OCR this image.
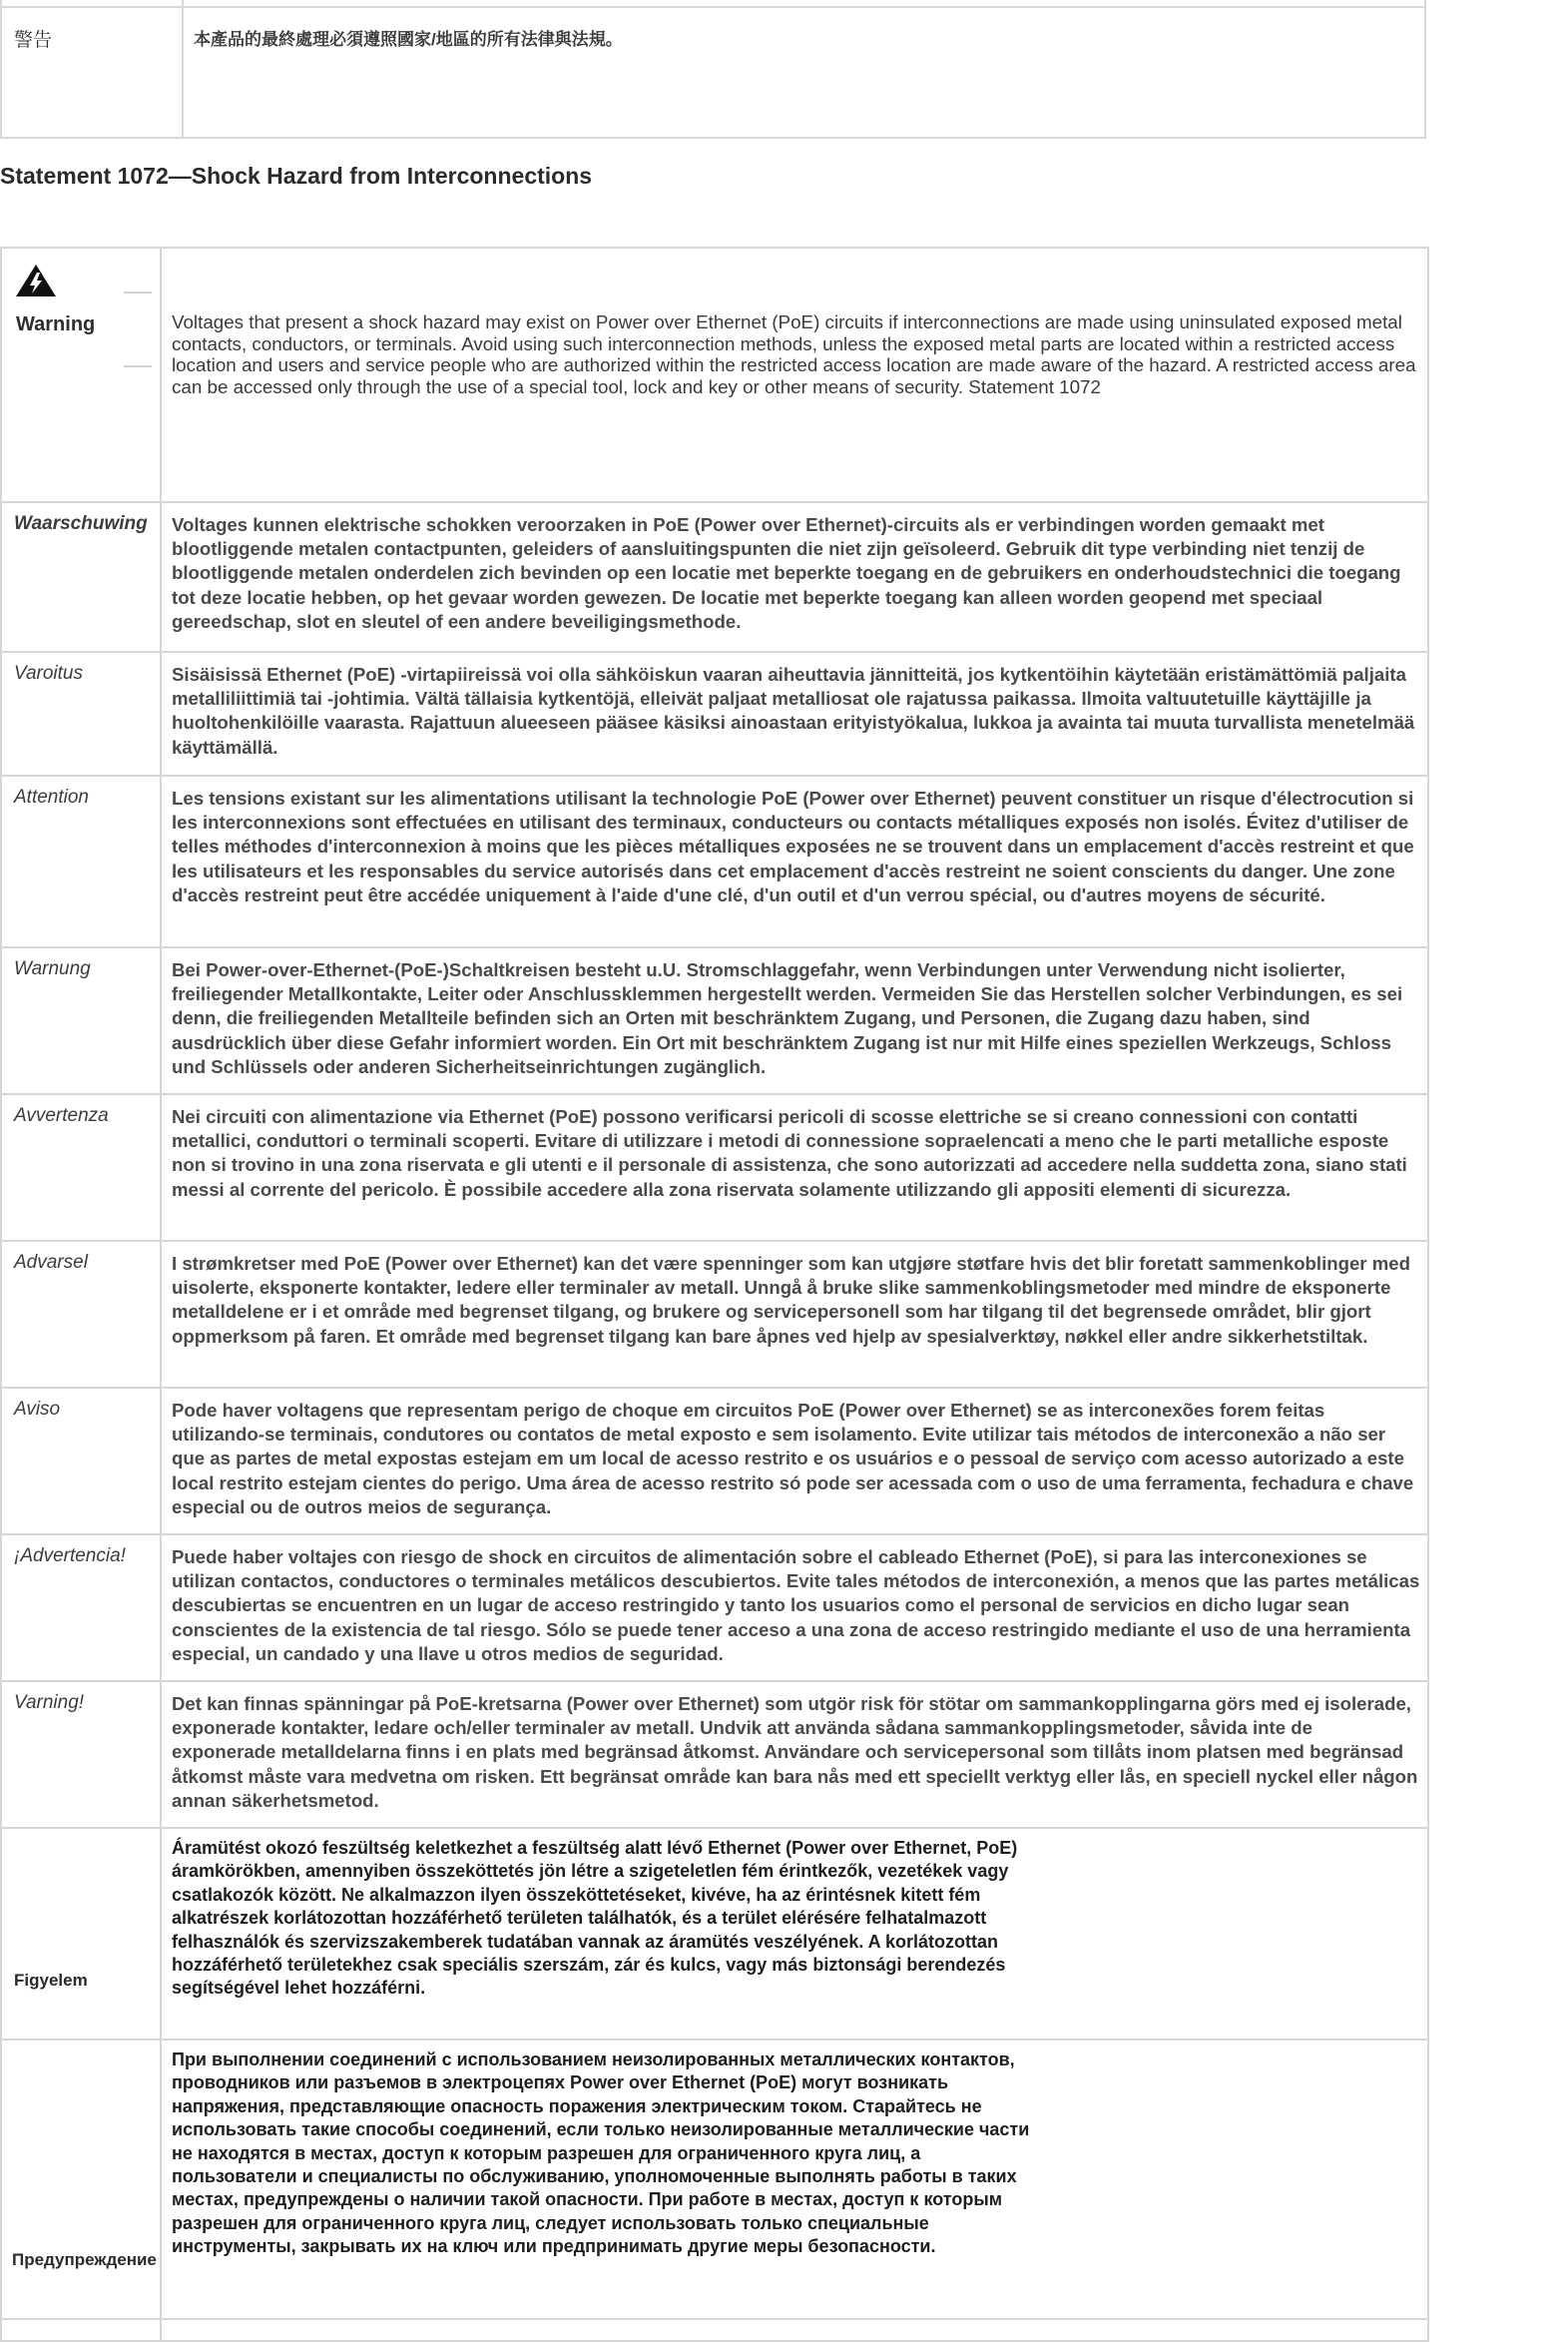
警告	本產品的最終處理必須遵照國家/地區的所有法律與法規。
Statement 1072—Shock Hazard from Interconnections
Warning	Voltages that present a shock hazard may exist on Power over Ethernet (PoE) circuits if interconnections are made using uninsulated exposed metal contacts, conductors, or terminals. Avoid using such interconnection methods, unless the exposed metal parts are located within a restricted access location and users and service people who are authorized within the restricted access location are made aware of the hazard. A restricted access area can be accessed only through the use of a special tool, lock and key or other means of security. Statement 1072
Waarschuwing	Voltages kunnen elektrische schokken veroorzaken in PoE (Power over Ethernet)-circuits als er verbindingen worden gemaakt met blootliggende metalen contactpunten, geleiders of aansluitingspunten die niet zijn geïsoleerd. Gebruik dit type verbinding niet tenzij de blootliggende metalen onderdelen zich bevinden op een locatie met beperkte toegang en de gebruikers en onderhoudstechnici die toegang tot deze locatie hebben, op het gevaar worden gewezen. De locatie met beperkte toegang kan alleen worden geopend met speciaal gereedschap, slot en sleutel of een andere beveiligingsmethode.
Varoitus	Sisäisissä Ethernet (PoE) -virtapiireissä voi olla sähköiskun vaaran aiheuttavia jännitteitä, jos kytkentöihin käytetään eristämättömiä paljaita metalliliittimiä tai -johtimia. Vältä tällaisia kytkentöjä, elleivät paljaat metalliosat ole rajatussa paikassa. Ilmoita valtuutetuille käyttäjille ja huoltohenkilöille vaarasta. Rajattuun alueeseen pääsee käsiksi ainoastaan erityistyökalua, lukkoa ja avainta tai muuta turvallista menetelmää käyttämällä.
Attention	Les tensions existant sur les alimentations utilisant la technologie PoE (Power over Ethernet) peuvent constituer un risque d'électrocution si les interconnexions sont effectuées en utilisant des terminaux, conducteurs ou contacts métalliques exposés non isolés. Évitez d'utiliser de telles méthodes d'interconnexion à moins que les pièces métalliques exposées ne se trouvent dans un emplacement d'accès restreint et que les utilisateurs et les responsables du service autorisés dans cet emplacement d'accès restreint ne soient conscients du danger. Une zone d'accès restreint peut être accédée uniquement à l'aide d'une clé, d'un outil et d'un verrou spécial, ou d'autres moyens de sécurité.
Warnung	Bei Power-over-Ethernet-(PoE-)Schaltkreisen besteht u.U. Stromschlaggefahr, wenn Verbindungen unter Verwendung nicht isolierter, freiliegender Metallkontakte, Leiter oder Anschlussklemmen hergestellt werden. Vermeiden Sie das Herstellen solcher Verbindungen, es sei denn, die freiliegenden Metallteile befinden sich an Orten mit beschränktem Zugang, und Personen, die Zugang dazu haben, sind ausdrücklich über diese Gefahr informiert worden. Ein Ort mit beschränktem Zugang ist nur mit Hilfe eines speziellen Werkzeugs, Schloss und Schlüssels oder anderen Sicherheitseinrichtungen zugänglich.
Avvertenza	Nei circuiti con alimentazione via Ethernet (PoE) possono verificarsi pericoli di scosse elettriche se si creano connessioni con contatti metallici, conduttori o terminali scoperti. Evitare di utilizzare i metodi di connessione sopraelencati a meno che le parti metalliche esposte non si trovino in una zona riservata e gli utenti e il personale di assistenza, che sono autorizzati ad accedere nella suddetta zona, siano stati messi al corrente del pericolo. È possibile accedere alla zona riservata solamente utilizzando gli appositi elementi di sicurezza.
Advarsel	I strømkretser med PoE (Power over Ethernet) kan det være spenninger som kan utgjøre støtfare hvis det blir foretatt sammenkoblinger med uisolerte, eksponerte kontakter, ledere eller terminaler av metall. Unngå å bruke slike sammenkoblingsmetoder med mindre de eksponerte metalldelene er i et område med begrenset tilgang, og brukere og servicepersonell som har tilgang til det begrensede området, blir gjort oppmerksom på faren. Et område med begrenset tilgang kan bare åpnes ved hjelp av spesialverktøy, nøkkel eller andre sikkerhetstiltak.
Aviso	Pode haver voltagens que representam perigo de choque em circuitos PoE (Power over Ethernet) se as interconexões forem feitas utilizando-se terminais, condutores ou contatos de metal exposto e sem isolamento. Evite utilizar tais métodos de interconexão a não ser que as partes de metal expostas estejam em um local de acesso restrito e os usuários e o pessoal de serviço com acesso autorizado a este local restrito estejam cientes do perigo. Uma área de acesso restrito só pode ser acessada com o uso de uma ferramenta, fechadura e chave especial ou de outros meios de segurança.
¡Advertencia!	Puede haber voltajes con riesgo de shock en circuitos de alimentación sobre el cableado Ethernet (PoE), si para las interconexiones se utilizan contactos, conductores o terminales metálicos descubiertos. Evite tales métodos de interconexión, a menos que las partes metálicas descubiertas se encuentren en un lugar de acceso restringido y tanto los usuarios como el personal de servicios en dicho lugar sean conscientes de la existencia de tal riesgo. Sólo se puede tener acceso a una zona de acceso restringido mediante el uso de una herramienta especial, un candado y una llave u otros medios de seguridad.
Varning!	Det kan finnas spänningar på PoE-kretsarna (Power over Ethernet) som utgör risk för stötar om sammankopplingarna görs med ej isolerade, exponerade kontakter, ledare och/eller terminaler av metall. Undvik att använda sådana sammankopplingsmetoder, såvida inte de exponerade metalldelarna finns i en plats med begränsad åtkomst. Användare och servicepersonal som tillåts inom platsen med begränsad åtkomst måste vara medvetna om risken. Ett begränsat område kan bara nås med ett speciellt verktyg eller lås, en speciell nyckel eller någon annan säkerhetsmetod.

Figyelem	Áramütést okozó feszültség keletkezhet a feszültség alatt lévő Ethernet (Power over Ethernet, PoE) áramkörökben, amennyiben összeköttetés jön létre a szigeteletlen fém érintkezők, vezetékek vagy csatlakozók között. Ne alkalmazzon ilyen összeköttetéseket, kivéve, ha az érintésnek kitett fém alkatrészek korlátozottan hozzáférhető területen találhatók, és a terület elérésére felhatalmazott felhasználók és szervizszakemberek tudatában vannak az áramütés veszélyének. A korlátozottan hozzáférhető területekhez csak speciális szerszám, zár és kulcs, vagy más biztonsági berendezés segítségével lehet hozzáférni.

Предупреждение	При выполнении соединений с использованием неизолированных металлических контактов, проводников или разъемов в электроцепях Power over Ethernet (PoE) могут возникать напряжения, представляющие опасность поражения электрическим током. Старайтесь не использовать такие способы соединений, если только неизолированные металлические части не находятся в местах, доступ к которым разрешен для ограниченного круга лиц, а пользователи и специалисты по обслуживанию, уполномоченные выполнять работы в таких местах, предупреждены о наличии такой опасности. При работе в местах, доступ к которым разрешен для ограниченного круга лиц, следует использовать только специальные инструменты, закрывать их на ключ или предпринимать другие меры безопасности.
